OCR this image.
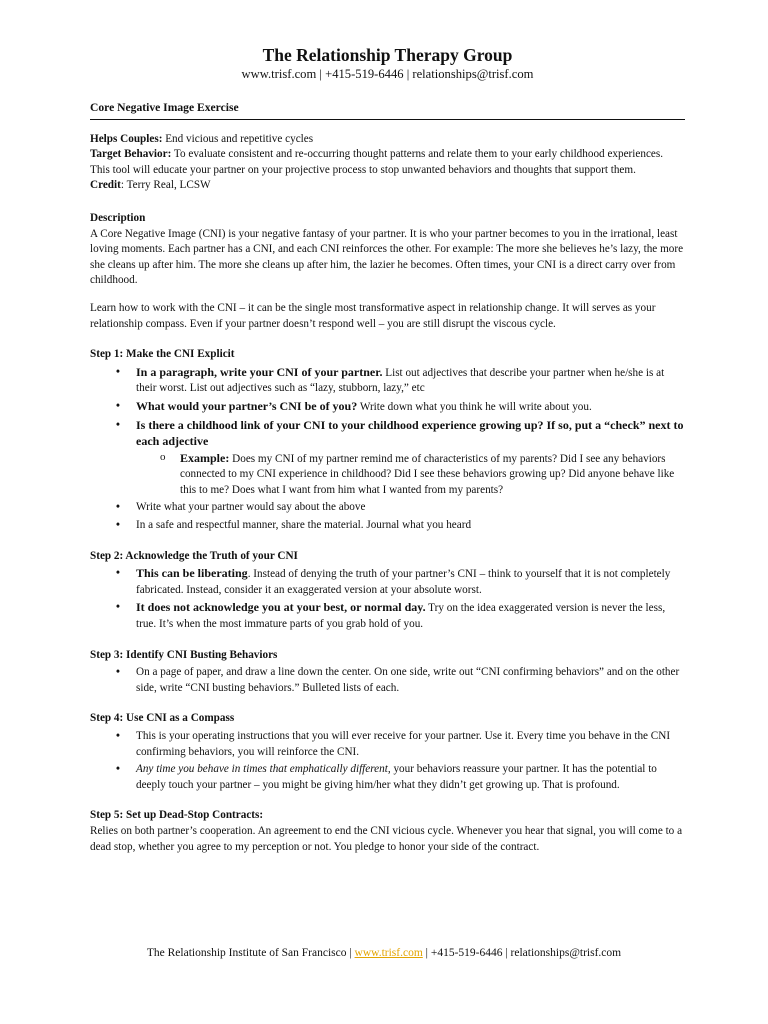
The Relationship Therapy Group
www.trisf.com | +415-519-6446 | relationships@trisf.com
Core Negative Image Exercise

Helps Couples: End vicious and repetitive cycles

Target Behavior: To evaluate consistent and re-occurring thought patterns and relate them to your early childhood experiences. This tool will educate your partner on your projective process to stop unwanted behaviors and thoughts that support them.

Credit: Terry Real, LCSW

Description

A Core Negative Image (CNI) is your negative fantasy of your partner. It is who your partner becomes to you in the irrational, least loving moments. Each partner has a CNI, and each CNI reinforces the other. For example: The more she believes he’s lazy, the more she cleans up after him. The more she cleans up after him, the lazier he becomes. Often times, your CNI is a direct carry over from childhood.

Learn how to work with the CNI – it can be the single most transformative aspect in relationship change. It will serves as your relationship compass. Even if your partner doesn’t respond well – you are still disrupt the viscous cycle.

Step 1: Make the CNI Explicit
• In a paragraph, write your CNI of your partner. List out adjectives that describe your partner when he/she is at their worst. List out adjectives such as “lazy, stubborn, lazy,” etc
• What would your partner’s CNI be of you? Write down what you think he will write about you.
• Is there a childhood link of your CNI to your childhood experience growing up? If so, put a “check” next to each adjective
o Example: Does my CNI of my partner remind me of characteristics of my parents? Did I see any behaviors connected to my CNI experience in childhood? Did I see these behaviors growing up? Did anyone behave like this to me? Does what I want from him what I wanted from my parents?
• Write what your partner would say about the above
• In a safe and respectful manner, share the material. Journal what you heard
Step 2: Acknowledge the Truth of your CNI
• This can be liberating. Instead of denying the truth of your partner’s CNI – think to yourself that it is not completely fabricated. Instead, consider it an exaggerated version at your absolute worst.
• It does not acknowledge you at your best, or normal day. Try on the idea exaggerated version is never the less, true. It’s when the most immature parts of you grab hold of you.
Step 3: Identify CNI Busting Behaviors
• On a page of paper, and draw a line down the center. On one side, write out “CNI confirming behaviors” and on the other side, write “CNI busting behaviors.” Bulleted lists of each.
Step 4: Use CNI as a Compass
• This is your operating instructions that you will ever receive for your partner. Use it. Every time you behave in the CNI confirming behaviors, you will reinforce the CNI.
• Any time you behave in times that emphatically different, your behaviors reassure your partner. It has the potential to deeply touch your partner – you might be giving him/her what they didn’t get growing up. That is profound.
Step 5: Set up Dead-Stop Contracts:

Relies on both partner’s cooperation. An agreement to end the CNI vicious cycle. Whenever you hear that signal, you will come to a dead stop, whether you agree to my perception or not. You pledge to honor your side of the contract.

The Relationship Institute of San Francisco | www.trisf.com | +415-519-6446 | relationships@trisf.com
